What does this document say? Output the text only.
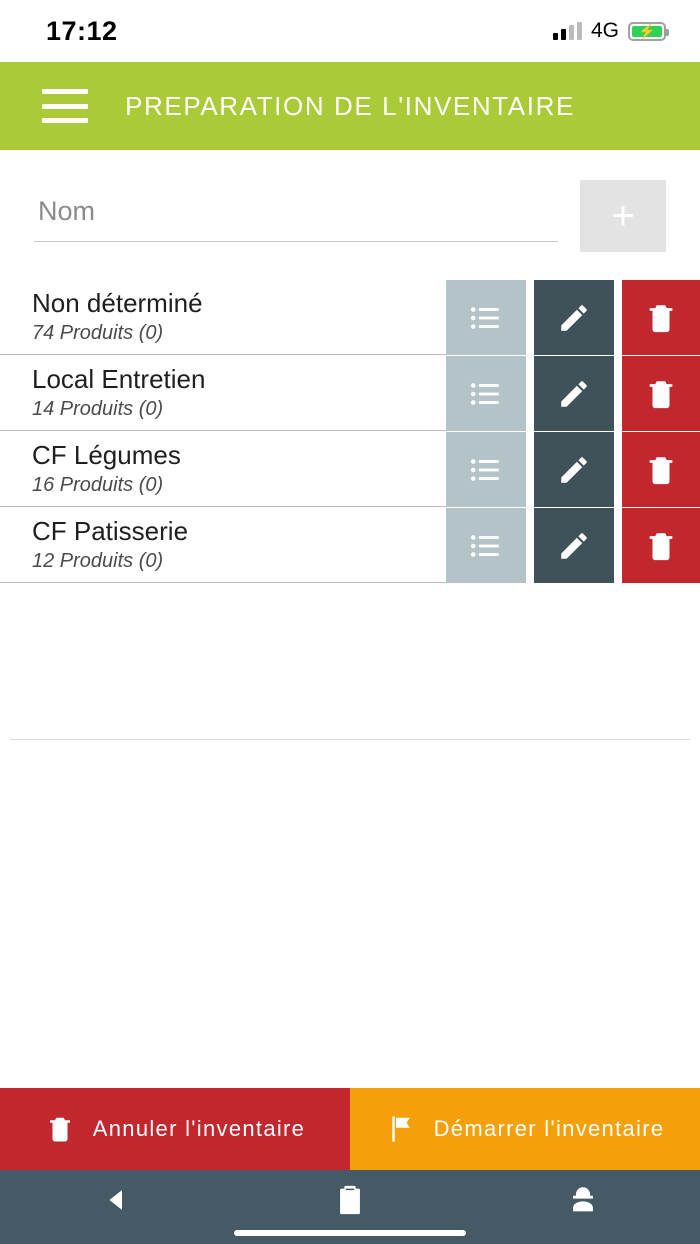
17:12	4G ⚡
PREPARATION DE L'INVENTAIRE
Nom
+
Non déterminé
74 Produits (0)
Local Entretien
14 Produits (0)
CF Légumes
16 Produits (0)
CF Patisserie
12 Produits (0)
Annuler l'inventaire	Démarrer l'inventaire
